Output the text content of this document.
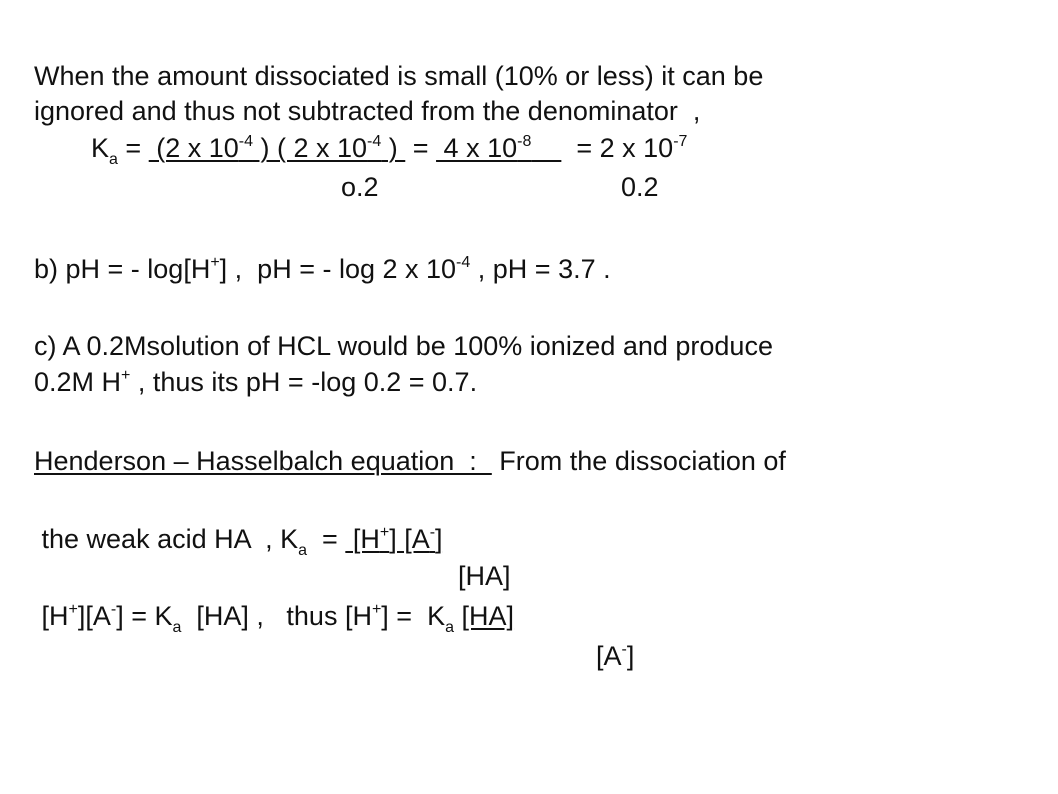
When the amount dissociated is small (10% or less) it can be
ignored and thus not subtracted from the denominator  ,
$K_a = (2$ x $10^{-4}$ ) ( 2 x $10^{-4}$ )  =  4 x $10^{-8}$      = 2 x $10^{-7}$
o.2	0.2
b) pH = - log[H+] ,  pH = - log 2 x $10^{-4}$ , pH = 3.7 .
c) A 0.2Msolution of HCL would be 100% ionized and produce
0.2M H+ , thus its pH = -log 0.2 = 0.7.
Henderson – Hasselbalch equation  :   From the dissociation of
the weak acid HA  , $K_a = [H^+]$ [A-]
[HA]
$[H^+][A^-] = K_a$  [HA] ,   thus $[H^+] = K_a$ [HA]
[A-]
